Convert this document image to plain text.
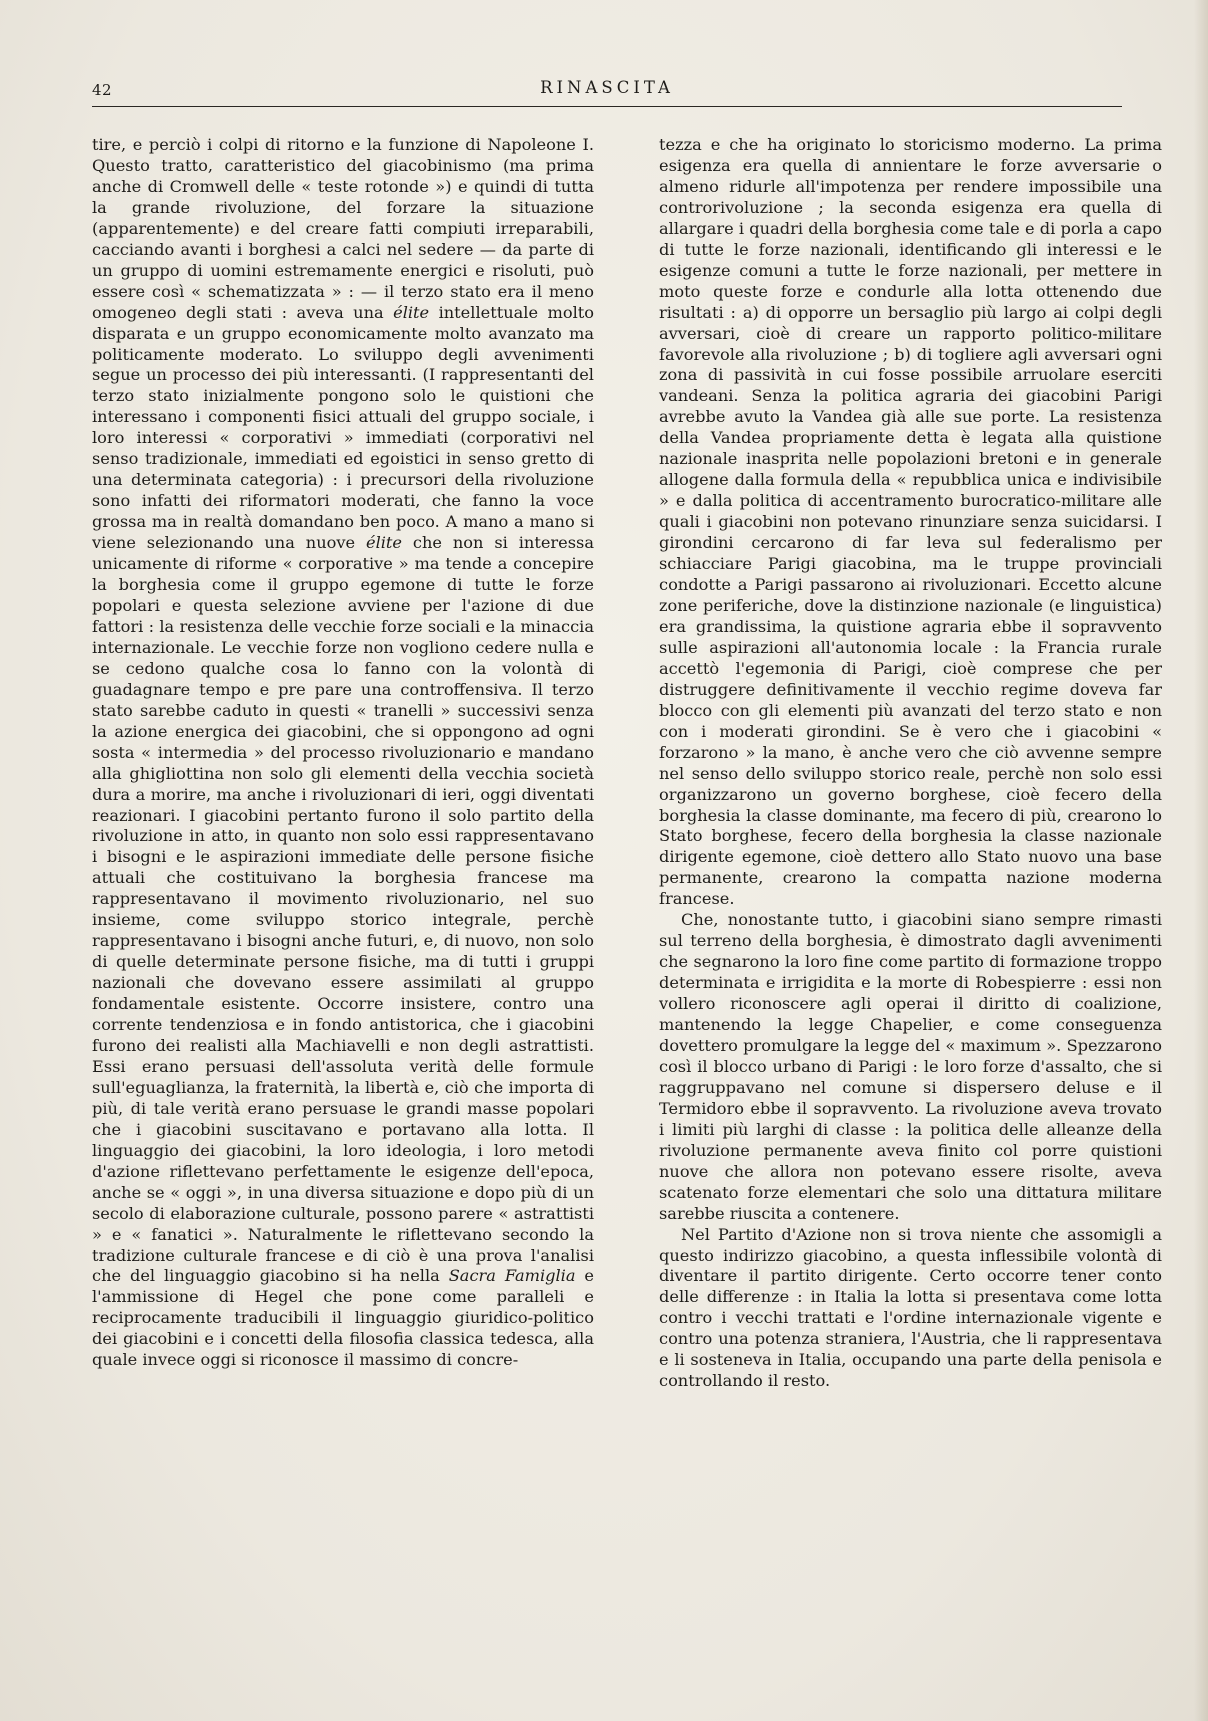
42	RINASCITA

tire, e perciò i colpi di ritorno e la funzione di Napoleone I. Questo tratto, caratteristico del giacobinismo (ma prima anche di Cromwell delle « teste rotonde ») e quindi di tutta la grande rivoluzione, del forzare la situazione (apparentemente) e del creare fatti compiuti irreparabili, cacciando avanti i borghesi a calci nel sedere — da parte di un gruppo di uomini estremamente energici e risoluti, può essere così « schematizzata » : — il terzo stato era il meno omogeneo degli stati : aveva una élite intellettuale molto disparata e un gruppo economicamente molto avanzato ma politicamente moderato. Lo sviluppo degli avvenimenti segue un processo dei più interessanti. (I rappresentanti del terzo stato inizialmente pongono solo le quistioni che interessano i componenti fisici attuali del gruppo sociale, i loro interessi « corporativi » immediati (corporativi nel senso tradizionale, immediati ed egoistici in senso gretto di una determinata categoria) : i precursori della rivoluzione sono infatti dei riformatori moderati, che fanno la voce grossa ma in realtà domandano ben poco. A mano a mano si viene selezionando una nuove élite che non si interessa unicamente di riforme « corporative » ma tende a concepire la borghesia come il gruppo egemone di tutte le forze popolari e questa selezione avviene per l'azione di due fattori : la resistenza delle vecchie forze sociali e la minaccia internazionale. Le vecchie forze non vogliono cedere nulla e se cedono qualche cosa lo fanno con la volontà di guadagnare tempo e pre pare una controffensiva. Il terzo stato sarebbe caduto in questi « tranelli » successivi senza la azione energica dei giacobini, che si oppongono ad ogni sosta « intermedia » del processo rivoluzionario e mandano alla ghigliottina non solo gli elementi della vecchia società dura a morire, ma anche i rivoluzionari di ieri, oggi diventati reazionari. I giacobini pertanto furono il solo partito della rivoluzione in atto, in quanto non solo essi rappresentavano i bisogni e le aspirazioni immediate delle persone fisiche attuali che costituivano la borghesia francese ma rappresentavano il movimento rivoluzionario, nel suo insieme, come sviluppo storico integrale, perchè rappresentavano i bisogni anche futuri, e, di nuovo, non solo di quelle determinate persone fisiche, ma di tutti i gruppi nazionali che dovevano essere assimilati al gruppo fondamentale esistente. Occorre insistere, contro una corrente tendenziosa e in fondo antistorica, che i giacobini furono dei realisti alla Machiavelli e non degli astrattisti. Essi erano persuasi dell'assoluta verità delle formule sull'eguaglianza, la fraternità, la libertà e, ciò che importa di più, di tale verità erano persuase le grandi masse popolari che i giacobini suscitavano e portavano alla lotta. Il linguaggio dei giacobini, la loro ideologia, i loro metodi d'azione riflettevano perfettamente le esigenze dell'epoca, anche se « oggi », in una diversa situazione e dopo più di un secolo di elaborazione culturale, possono parere « astrattisti » e « fanatici ». Naturalmente le riflettevano secondo la tradizione culturale francese e di ciò è una prova l'analisi che del linguaggio giacobino si ha nella Sacra Famiglia e l'ammissione di Hegel che pone come paralleli e reciprocamente traducibili il linguaggio giuridico-politico dei giacobini e i concetti della filosofia classica tedesca, alla quale invece oggi si riconosce il massimo di concre-

tezza e che ha originato lo storicismo moderno. La prima esigenza era quella di annientare le forze avversarie o almeno ridurle all'impotenza per rendere impossibile una controrivoluzione ; la seconda esigenza era quella di allargare i quadri della borghesia come tale e di porla a capo di tutte le forze nazionali, identificando gli interessi e le esigenze comuni a tutte le forze nazionali, per mettere in moto queste forze e condurle alla lotta ottenendo due risultati : a) di opporre un bersaglio più largo ai colpi degli avversari, cioè di creare un rapporto politico-militare favorevole alla rivoluzione ; b) di togliere agli avversari ogni zona di passività in cui fosse possibile arruolare eserciti vandeani. Senza la politica agraria dei giacobini Parigi avrebbe avuto la Vandea già alle sue porte. La resistenza della Vandea propriamente detta è legata alla quistione nazionale inasprita nelle popolazioni bretoni e in generale allogene dalla formula della « repubblica unica e indivisibile » e dalla politica di accentramento burocratico-militare alle quali i giacobini non potevano rinunziare senza suicidarsi. I girondini cercarono di far leva sul federalismo per schiacciare Parigi giacobina, ma le truppe provinciali condotte a Parigi passarono ai rivoluzionari. Eccetto alcune zone periferiche, dove la distinzione nazionale (e linguistica) era grandissima, la quistione agraria ebbe il sopravvento sulle aspirazioni all'autonomia locale : la Francia rurale accettò l'egemonia di Parigi, cioè comprese che per distruggere definitivamente il vecchio regime doveva far blocco con gli elementi più avanzati del terzo stato e non con i moderati girondini. Se è vero che i giacobini « forzarono » la mano, è anche vero che ciò avvenne sempre nel senso dello sviluppo storico reale, perchè non solo essi organizzarono un governo borghese, cioè fecero della borghesia la classe dominante, ma fecero di più, crearono lo Stato borghese, fecero della borghesia la classe nazionale dirigente egemone, cioè dettero allo Stato nuovo una base permanente, crearono la compatta nazione moderna francese.

Che, nonostante tutto, i giacobini siano sempre rimasti sul terreno della borghesia, è dimostrato dagli avvenimenti che segnarono la loro fine come partito di formazione troppo determinata e irrigidita e la morte di Robespierre : essi non vollero riconoscere agli operai il diritto di coalizione, mantenendo la legge Chapelier, e come conseguenza dovettero promulgare la legge del « maximum ». Spezzarono così il blocco urbano di Parigi : le loro forze d'assalto, che si raggruppavano nel comune si dispersero deluse e il Termidoro ebbe il sopravvento. La rivoluzione aveva trovato i limiti più larghi di classe : la politica delle alleanze della rivoluzione permanente aveva finito col porre quistioni nuove che allora non potevano essere risolte, aveva scatenato forze elementari che solo una dittatura militare sarebbe riuscita a contenere.

Nel Partito d'Azione non si trova niente che assomigli a questo indirizzo giacobino, a questa inflessibile volontà di diventare il partito dirigente. Certo occorre tener conto delle differenze : in Italia la lotta si presentava come lotta contro i vecchi trattati e l'ordine internazionale vigente e contro una potenza straniera, l'Austria, che li rappresentava e li sosteneva in Italia, occupando una parte della penisola e controllando il resto.
